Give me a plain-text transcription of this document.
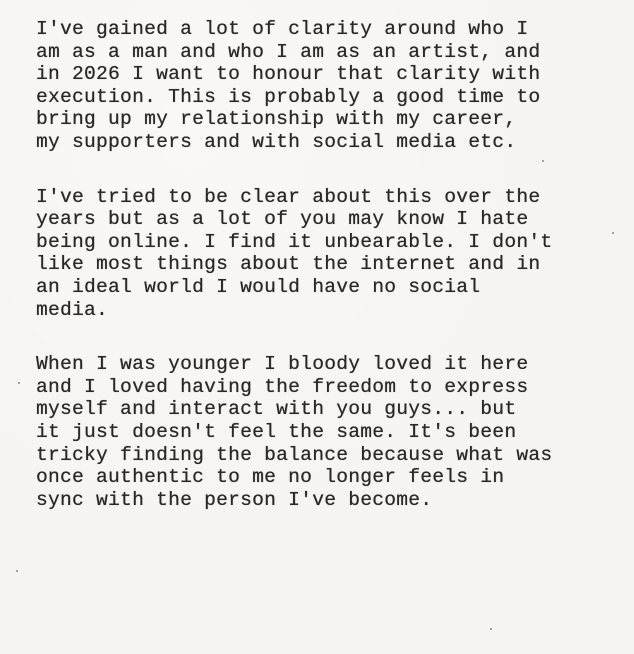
I've gained a lot of clarity around who I
am as a man and who I am as an artist, and
in 2026 I want to honour that clarity with
execution. This is probably a good time to
bring up my relationship with my career,
my supporters and with social media etc.
I've tried to be clear about this over the
years but as a lot of you may know I hate
being online. I find it unbearable. I don't
like most things about the internet and in
an ideal world I would have no social
media.
When I was younger I bloody loved it here
and I loved having the freedom to express
myself and interact with you guys... but
it just doesn't feel the same. It's been
tricky finding the balance because what was
once authentic to me no longer feels in
sync with the person I've become.
